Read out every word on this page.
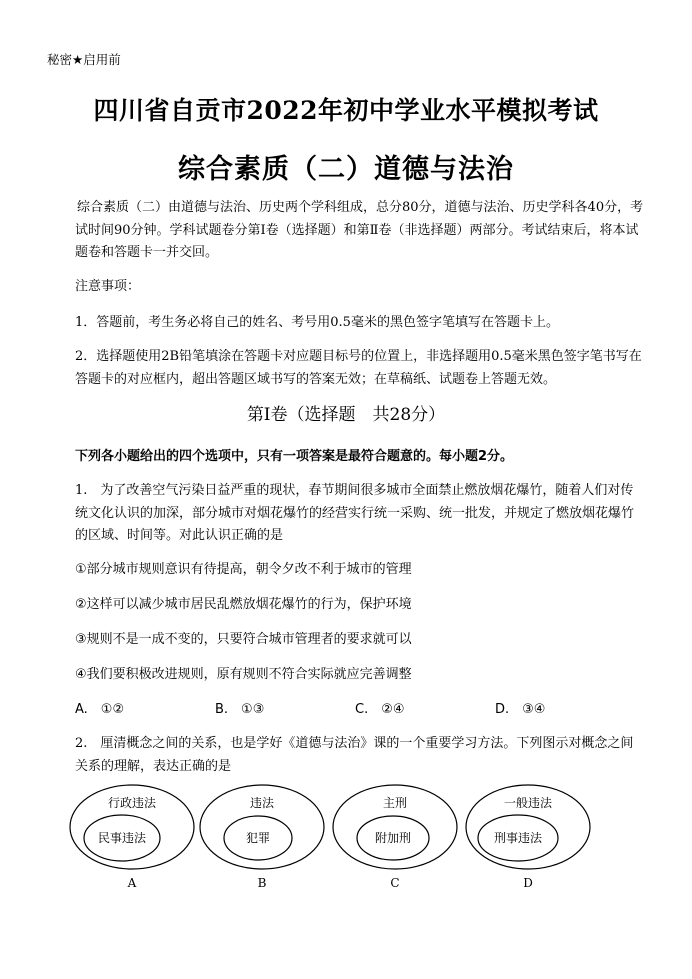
秘密★启用前
四川省自贡市2022年初中学业水平模拟考试
综合素质（二）道德与法治
综合素质（二）由道德与法治、历史两个学科组成，总分80分，道德与法治、历史学科各40分，考试时间90分钟。学科试题卷分第Ⅰ卷（选择题）和第Ⅱ卷（非选择题）两部分。考试结束后，将本试题卷和答题卡一并交回。
注意事项：
1．答题前，考生务必将自己的姓名、考号用0.5毫米的黑色签字笔填写在答题卡上。
2．选择题使用2B铅笔填涂在答题卡对应题目标号的位置上，非选择题用0.5毫米黑色签字笔书写在答题卡的对应框内，超出答题区域书写的答案无效；在草稿纸、试题卷上答题无效。
第Ⅰ卷（选择题　共28分）
下列各小题给出的四个选项中，只有一项答案是最符合题意的。每小题2分。
1.　为了改善空气污染日益严重的现状，春节期间很多城市全面禁止燃放烟花爆竹，随着人们对传统文化认识的加深，部分城市对烟花爆竹的经营实行统一采购、统一批发，并规定了燃放烟花爆竹的区域、时间等。对此认识正确的是
①部分城市规则意识有待提高，朝令夕改不利于城市的管理
②这样可以减少城市居民乱燃放烟花爆竹的行为，保护环境
③规则不是一成不变的，只要符合城市管理者的要求就可以
④我们要积极改进规则，原有规则不符合实际就应完善调整
A.　①②	B.　①③	C.　②④	D.　③④
2.　厘清概念之间的关系，也是学好《道德与法治》课的一个重要学习方法。下列图示对概念之间关系的理解，表达正确的是
行政违法
民事违法
A
违法
犯罪
B
主刑
附加刑
C
一般违法
刑事违法
D
